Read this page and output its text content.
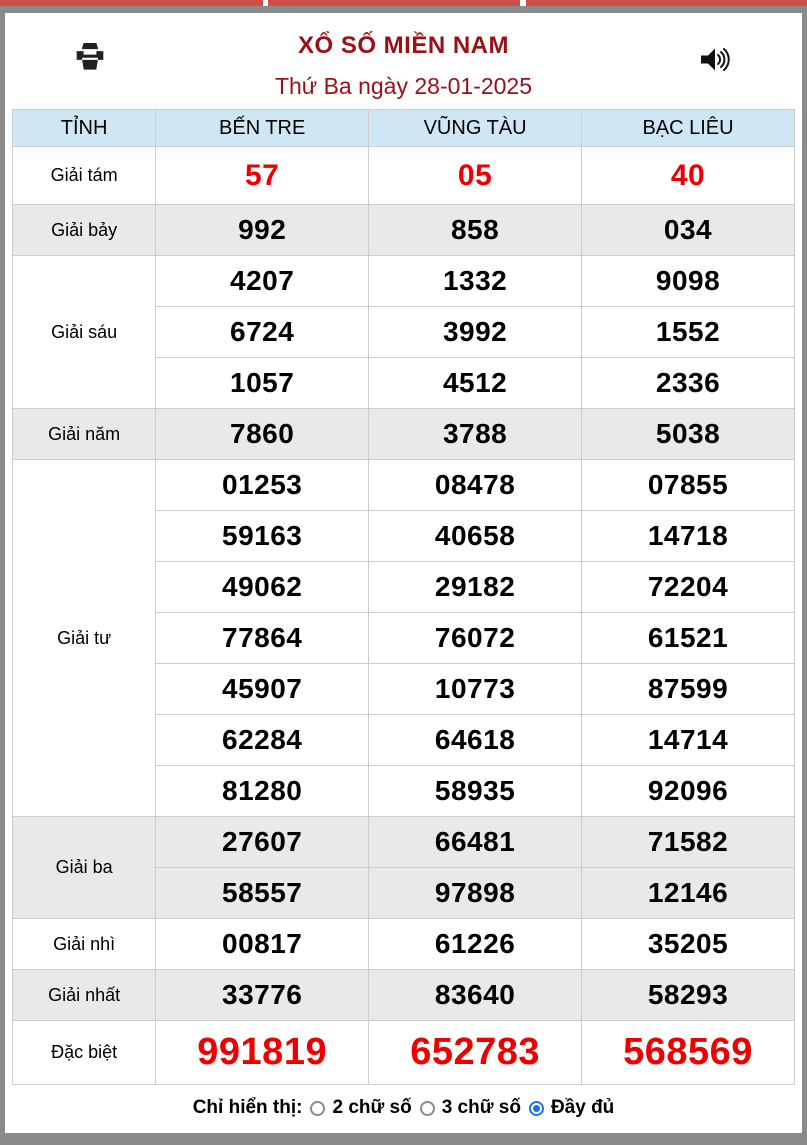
XỔ SỐ MIỀN NAM
Thứ Ba ngày 28-01-2025
TỈNH	BẾN TRE	VŨNG TÀU	BẠC LIÊU
Giải tám	57	05	40
Giải bảy	992	858	034
Giải sáu	4207	1332	9098
	6724	3992	1552
	1057	4512	2336
Giải năm	7860	3788	5038
Giải tư	01253	08478	07855
	59163	40658	14718
	49062	29182	72204
	77864	76072	61521
	45907	10773	87599
	62284	64618	14714
	81280	58935	92096
Giải ba	27607	66481	71582
	58557	97898	12146
Giải nhì	00817	61226	35205
Giải nhất	33776	83640	58293
Đặc biệt	991819	652783	568569
Chỉ hiển thị: 2 chữ số 3 chữ số Đầy đủ
